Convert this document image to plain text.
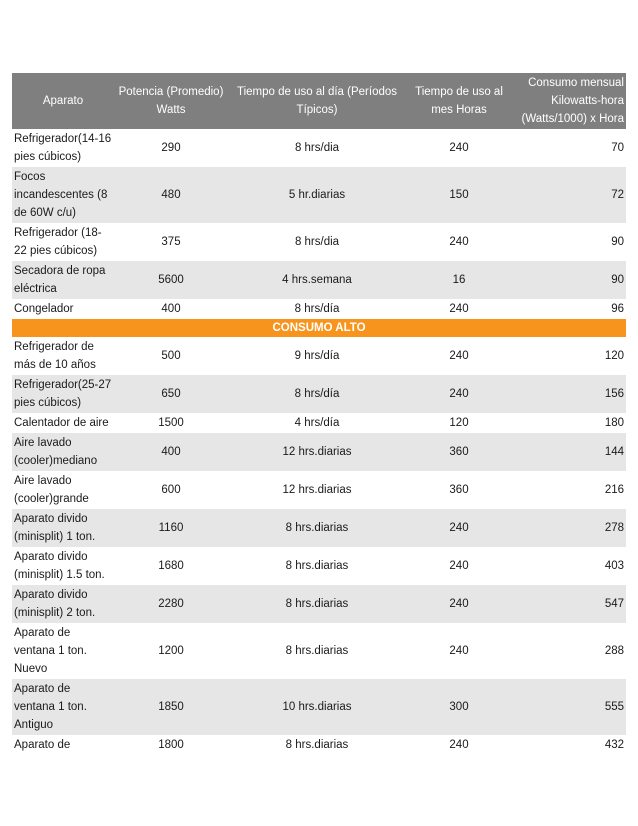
Aparato	Potencia (Promedio) Watts	Tiempo de uso al día (Períodos Típicos)	Tiempo de uso al mes Horas	Consumo mensual Kilowatts-hora (Watts/1000) x Hora
Refrigerador(14-16 pies cúbicos)	290	8 hrs/dia	240	70
Focos incandescentes (8 de 60W c/u)	480	5 hr.diarias	150	72
Refrigerador (18-22 pies cúbicos)	375	8 hrs/dia	240	90
Secadora de ropa eléctrica	5600	4 hrs.semana	16	90
Congelador	400	8 hrs/día	240	96
CONSUMO ALTO				
Refrigerador de más de 10 años	500	9 hrs/día	240	120
Refrigerador(25-27 pies cúbicos)	650	8 hrs/día	240	156
Calentador de aire	1500	4 hrs/día	120	180
Aire lavado (cooler)mediano	400	12 hrs.diarias	360	144
Aire lavado (cooler)grande	600	12 hrs.diarias	360	216
Aparato divido (minisplit) 1 ton.	1160	8 hrs.diarias	240	278
Aparato divido (minisplit) 1.5 ton.	1680	8 hrs.diarias	240	403
Aparato divido (minisplit) 2 ton.	2280	8 hrs.diarias	240	547
Aparato de ventana 1 ton. Nuevo	1200	8 hrs.diarias	240	288
Aparato de ventana 1 ton. Antiguo	1850	10 hrs.diarias	300	555
Aparato de	1800	8 hrs.diarias	240	432
